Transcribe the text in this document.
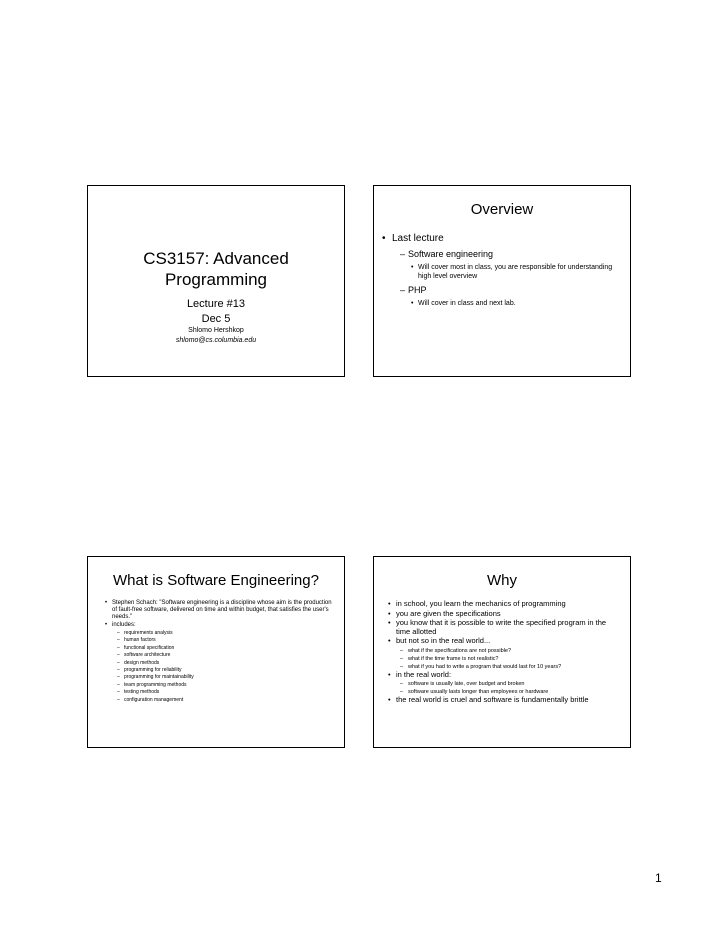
CS3157: Advanced
Programming
Lecture #13
Dec 5
Shlomo Hershkop
shlomo@cs.columbia.edu
Overview
• Last lecture
– Software engineering
• Will cover most in class, you are responsible for understanding high level overview
– PHP
• Will cover in class and next lab.
What is Software Engineering?
• Stephen Schach: "Software engineering is a discipline whose aim is the production of fault-free software, delivered on time and within budget, that satisfies the user's needs."
• includes:
– requirements analysis
– human factors
– functional specification
– software architecture
– design methods
– programming for reliability
– programming for maintainability
– team programming methods
– testing methods
– configuration management
Why
• in school, you learn the mechanics of programming
• you are given the specifications
• you know that it is possible to write the specified program in the time allotted
• but not so in the real world...
– what if the specifications are not possible?
– what if the time frame is not realistic?
– what if you had to write a program that would last for 10 years?
• in the real world:
– software is usually late, over budget and broken
– software usually lasts longer than employees or hardware
• the real world is cruel and software is fundamentally brittle
1
